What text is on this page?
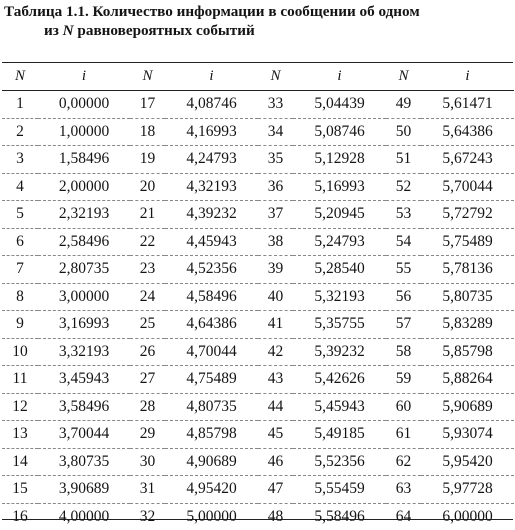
Таблица 1.1. Количество информации в сообщении об одном
из N равновероятных событий
N	i	N	i	N	i	N	i
1	0,00000	17	4,08746	33	5,04439	49	5,61471
2	1,00000	18	4,16993	34	5,08746	50	5,64386
3	1,58496	19	4,24793	35	5,12928	51	5,67243
4	2,00000	20	4,32193	36	5,16993	52	5,70044
5	2,32193	21	4,39232	37	5,20945	53	5,72792
6	2,58496	22	4,45943	38	5,24793	54	5,75489
7	2,80735	23	4,52356	39	5,28540	55	5,78136
8	3,00000	24	4,58496	40	5,32193	56	5,80735
9	3,16993	25	4,64386	41	5,35755	57	5,83289
10	3,32193	26	4,70044	42	5,39232	58	5,85798
11	3,45943	27	4,75489	43	5,42626	59	5,88264
12	3,58496	28	4,80735	44	5,45943	60	5,90689
13	3,70044	29	4,85798	45	5,49185	61	5,93074
14	3,80735	30	4,90689	46	5,52356	62	5,95420
15	3,90689	31	4,95420	47	5,55459	63	5,97728
16	4,00000	32	5,00000	48	5,58496	64	6,00000
